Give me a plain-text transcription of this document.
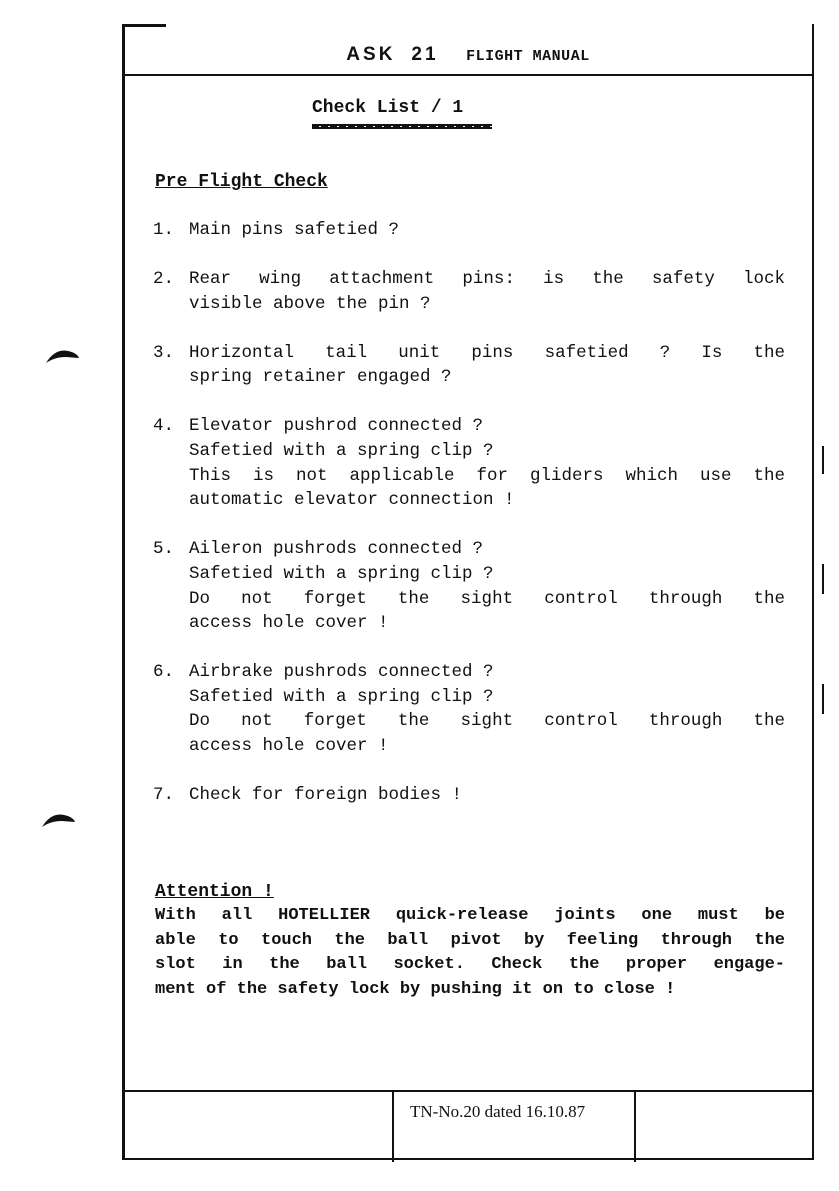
ASK 21 FLIGHT MANUAL
Check List / 1
Pre Flight Check
1. Main pins safetied ?
2. Rear wing attachment pins: is the safety lock
visible above the pin ?
3. Horizontal tail unit pins safetied ? Is the
spring retainer engaged ?
4. Elevator pushrod connected ?
Safetied with a spring clip ?
This is not applicable for gliders which use the
automatic elevator connection !
5. Aileron pushrods connected ?
Safetied with a spring clip ?
Do not forget the sight control through the
access hole cover !
6. Airbrake pushrods connected ?
Safetied with a spring clip ?
Do not forget the sight control through the
access hole cover !
7. Check for foreign bodies !
Attention !
With all HOTELLIER quick-release joints one must be
able to touch the ball pivot by feeling through the
slot in the ball socket. Check the proper engage-
ment of the safety lock by pushing it on to close !
TN-No.20 dated 16.10.87
